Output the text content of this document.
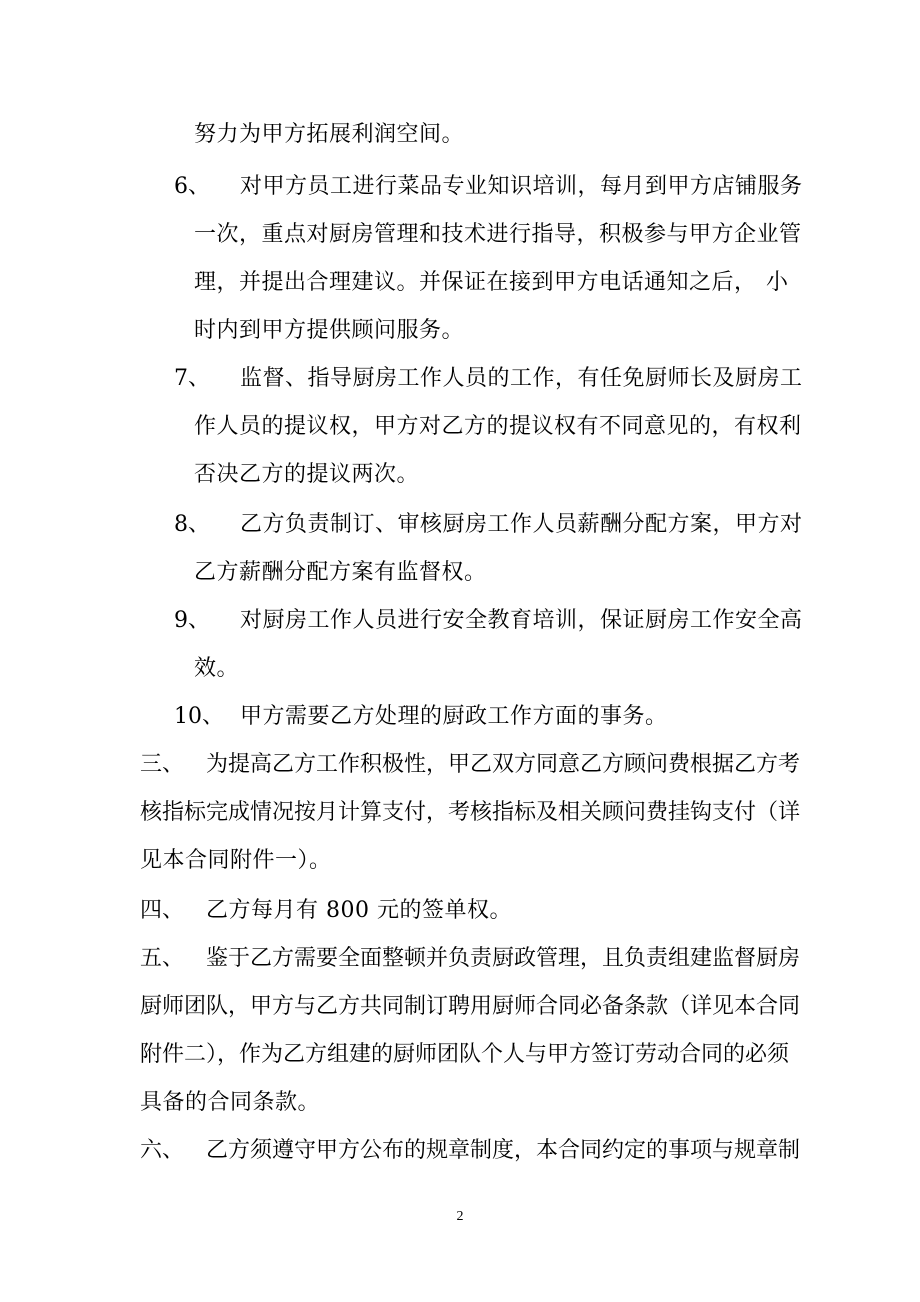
努力为甲方拓展利润空间。
6、 对甲方员工进行菜品专业知识培训，每月到甲方店铺服务
一次，重点对厨房管理和技术进行指导，积极参与甲方企业管
理，并提出合理建议。并保证在接到甲方电话通知之后， 小
时内到甲方提供顾问服务。
7、 监督、指导厨房工作人员的工作，有任免厨师长及厨房工
作人员的提议权，甲方对乙方的提议权有不同意见的，有权利
否决乙方的提议两次。
8、 乙方负责制订、审核厨房工作人员薪酬分配方案，甲方对
乙方薪酬分配方案有监督权。
9、 对厨房工作人员进行安全教育培训，保证厨房工作安全高
效。
10、 甲方需要乙方处理的厨政工作方面的事务。
三、 为提高乙方工作积极性，甲乙双方同意乙方顾问费根据乙方考
核指标完成情况按月计算支付，考核指标及相关顾问费挂钩支付（详
见本合同附件一）。
四、 乙方每月有 800 元的签单权。
五、 鉴于乙方需要全面整顿并负责厨政管理，且负责组建监督厨房
厨师团队，甲方与乙方共同制订聘用厨师合同必备条款（详见本合同
附件二），作为乙方组建的厨师团队个人与甲方签订劳动合同的必须
具备的合同条款。
六、 乙方须遵守甲方公布的规章制度，本合同约定的事项与规章制
2
